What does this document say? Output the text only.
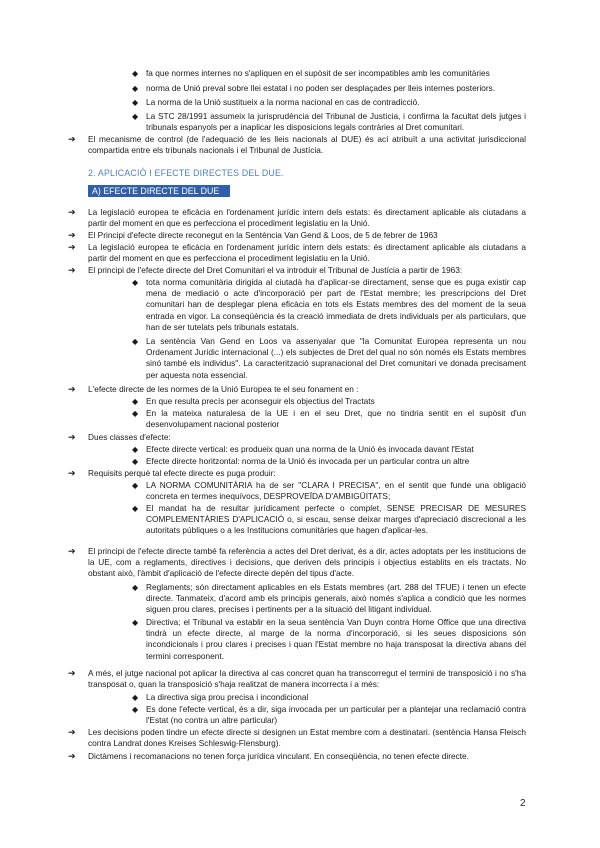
◆ fa que normes internes no s'apliquen en el supòsit de ser incompatibles amb les comunitàries
◆ norma de Unió preval sobre llei estatal i no poden ser desplaçades per lleis internes posteriors.
◆ La norma de la Unió sustitueix a la norma nacional en cas de contradicció.
◆ La STC 28/1991 assumeix la jurisprudència del Tribunal de Justícia, i confirma la facultat dels jutges i tribunals espanyols per a inaplicar les disposicions legals contràries al Dret comunitari.
➔	El mecanisme de control (de l'adequació de les lleis nacionals al DUE) és ací atribuït a una activitat jurisdiccional compartida entre els tribunals nacionals i el Tribunal de Justícia.
2. APLICACIÓ I EFECTE DIRECTES DEL DUE.
A) EFECTE DIRECTE DEL DUE
➔	La legislació europea te eficàcia en l'ordenament jurídic intern dels estats: és directament aplicable als ciutadans a partir del moment en que es perfecciona el procediment legislatiu en la Unió.
➔	El Principi d'efecte directe reconegut en la Sentència Van Gend & Loos, de 5 de febrer de 1963
➔	La legislació europea te eficàcia en l'ordenament jurídic intern dels estats: és directament aplicable als ciutadans a partir del moment en que es perfecciona el procediment legislatiu en la Unió.
➔	El principi de l'efecte directe del Dret Comunitari el va introduir el Tribunal de Justícia a partir de 1963:
◆ tota norma comunitària dirigida al ciutadà ha d'aplicar-se directament, sense que es puga existir cap mena de mediació o acte d'incorporació per part de l'Estat membre; les prescripcions del Dret comunitari han de desplegar plena eficàcia en tots els Estats membres des del moment de la seua entrada en vigor. La conseqüència és la creació immediata de drets individuals per als particulars, que han de ser tutelats pels tribunals estatals.
◆ La sentència Van Gend en Loos va assenyalar que "la Comunitat Europea representa un nou Ordenament Jurídic internacional (...) els subjectes de Dret del qual no són només els Estats membres sinó també els individus". La caracterització supranacional del Dret comunitari ve donada precisament per aquesta nota essencial.
➔	L'efecte directe de les normes de la Unió Europea te el seu fonament en :
◆ En que resulta precís per aconseguir els objectius del Tractats
◆ En la mateixa naturalesa de la UE i en el seu Dret, que no tindria sentit en el supòsit d'un desenvolupament nacional posterior
➔	Dues classes d'efecte:
◆ Efecte directe vertical: es produeix quan una norma de la Unió és invocada davant l'Estat
◆ Efecte directe horitzontal: norma de la Unió és invocada per un particular contra un altre
➔	Requisits perquè tal efecte directe es puga produir:
◆ LA NORMA COMUNITÀRIA ha de ser "CLARA I PRECISA", en el sentit que funde una obligació concreta en termes inequívocs, DESPROVEÏDA D'AMBIGÜITATS;
◆ El mandat ha de resultar jurídicament perfecte o complet, SENSE PRECISAR DE MESURES COMPLEMENTÀRIES D'APLICACIÓ o, si escau, sense deixar marges d'apreciació discrecional a les autoritats públiques o a les Institucions comunitàries que hagen d'aplicar-les.
➔	El principi de l'efecte directe també fa referència a actes del Dret derivat, és a dir, actes adoptats per les institucions de la UE, com a reglaments, directives i decisions, que deriven dels principis i objectius establits en els tractats. No obstant això, l'àmbit d'aplicació de l'efecte directe depèn del tipus d'acte.
◆ Reglaments; són directament aplicables en els Estats membres (art. 288 del TFUE) i tenen un efecte directe. Tanmateix, d'acord amb els principis generals, això només s'aplica a condició que les normes siguen prou clares, precises i pertinents per a la situació del litigant individual.
◆ Directiva; el Tribunal va establir en la seua sentència Van Duyn contra Home Office que una directiva tindrà un efecte directe, al marge de la norma d'incorporació, si les seues disposicions són incondicionals i prou clares i precises i quan l'Estat membre no haja transposat la directiva abans del termini corresponent.
➔	A més, el jutge nacional pot aplicar la directiva al cas concret quan ha transcorregut el termini de transposició i no s'ha transposat o, quan la transposició s'haja realitzat de manera incorrecta i a més:
◆ La directiva siga prou precisa i incondicional
◆ Es done l'efecte vertical, és a dir, siga invocada per un particular per a plantejar una reclamació contra l'Estat (no contra un altre particular)
➔	Les decisions poden tindre un efecte directe si designen un Estat membre com a destinatari. (sentència Hansa Fleisch contra Landrat dones Kreises Schleswig-Flensburg).
➔	Dictàmens i recomanacions no tenen força jurídica vinculant. En conseqüència, no tenen efecte directe.
2
